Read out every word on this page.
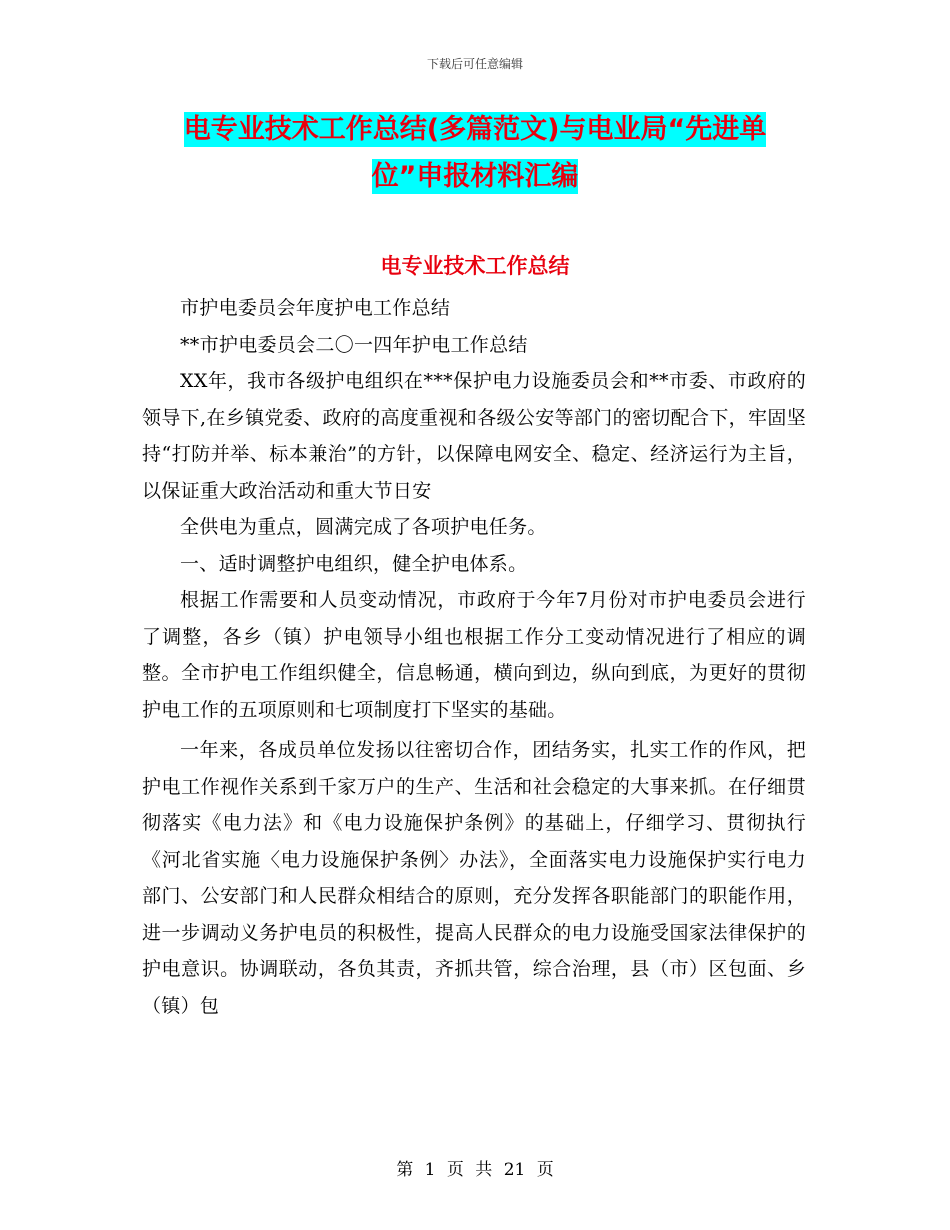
下载后可任意编辑
电专业技术工作总结(多篇范文)与电业局“先进单
位”申报材料汇编
电专业技术工作总结

市护电委员会年度护电工作总结

**市护电委员会二〇一四年护电工作总结

XX年，我市各级护电组织在***保护电力设施委员会和**市委、市政府的领导下,在乡镇党委、政府的高度重视和各级公安等部门的密切配合下，牢固坚持“打防并举、标本兼治”的方针，以保障电网安全、稳定、经济运行为主旨，以保证重大政治活动和重大节日安

全供电为重点，圆满完成了各项护电任务。

一、适时调整护电组织，健全护电体系。

根据工作需要和人员变动情况，市政府于今年7月份对市护电委员会进行了调整，各乡（镇）护电领导小组也根据工作分工变动情况进行了相应的调整。全市护电工作组织健全，信息畅通，横向到边，纵向到底，为更好的贯彻护电工作的五项原则和七项制度打下坚实的基础。

一年来，各成员单位发扬以往密切合作，团结务实，扎实工作的作风，把护电工作视作关系到千家万户的生产、生活和社会稳定的大事来抓。在仔细贯彻落实《电力法》和《电力设施保护条例》的基础上，仔细学习、贯彻执行《河北省实施〈电力设施保护条例〉办法》，全面落实电力设施保护实行电力部门、公安部门和人民群众相结合的原则，充分发挥各职能部门的职能作用，进一步调动义务护电员的积极性，提高人民群众的电力设施受国家法律保护的护电意识。协调联动，各负其责，齐抓共管，综合治理，县（市）区包面、乡（镇）包

第 1 页 共 21 页
